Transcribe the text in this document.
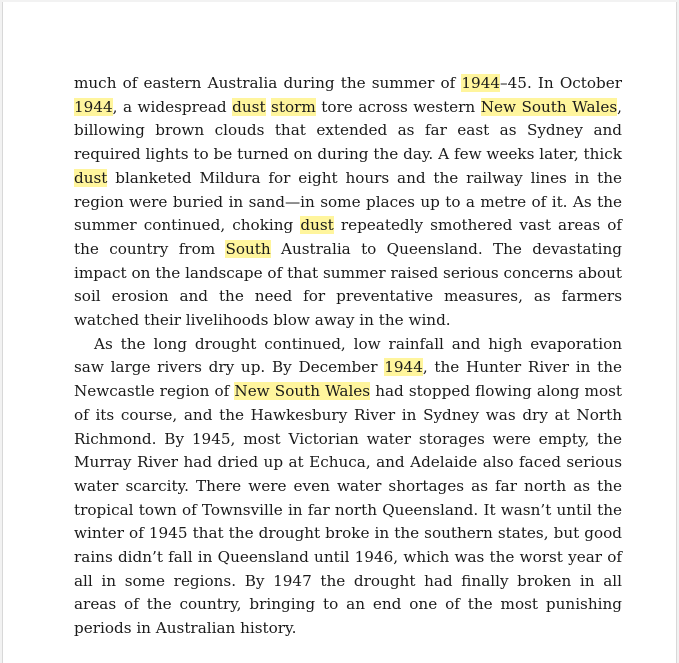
much of eastern Australia during the summer of 1944–45. In October 1944, a widespread dust storm tore across western New South Wales, billowing brown clouds that extended as far east as Sydney and required lights to be turned on during the day. A few weeks later, thick dust blanketed Mildura for eight hours and the railway lines in the region were buried in sand—in some places up to a metre of it. As the summer continued, choking dust repeatedly smothered vast areas of the country from South Australia to Queensland. The devastating impact on the landscape of that summer raised serious concerns about soil erosion and the need for preventative measures, as farmers watched their livelihoods blow away in the wind.

As the long drought continued, low rainfall and high evaporation saw large rivers dry up. By December 1944, the Hunter River in the Newcastle region of New South Wales had stopped flowing along most of its course, and the Hawkesbury River in Sydney was dry at North Richmond. By 1945, most Victorian water storages were empty, the Murray River had dried up at Echuca, and Adelaide also faced serious water scarcity. There were even water shortages as far north as the tropical town of Townsville in far north Queensland. It wasn’t until the winter of 1945 that the drought broke in the southern states, but good rains didn’t fall in Queensland until 1946, which was the worst year of all in some regions. By 1947 the drought had finally broken in all areas of the country, bringing to an end one of the most punishing periods in Australian history.
